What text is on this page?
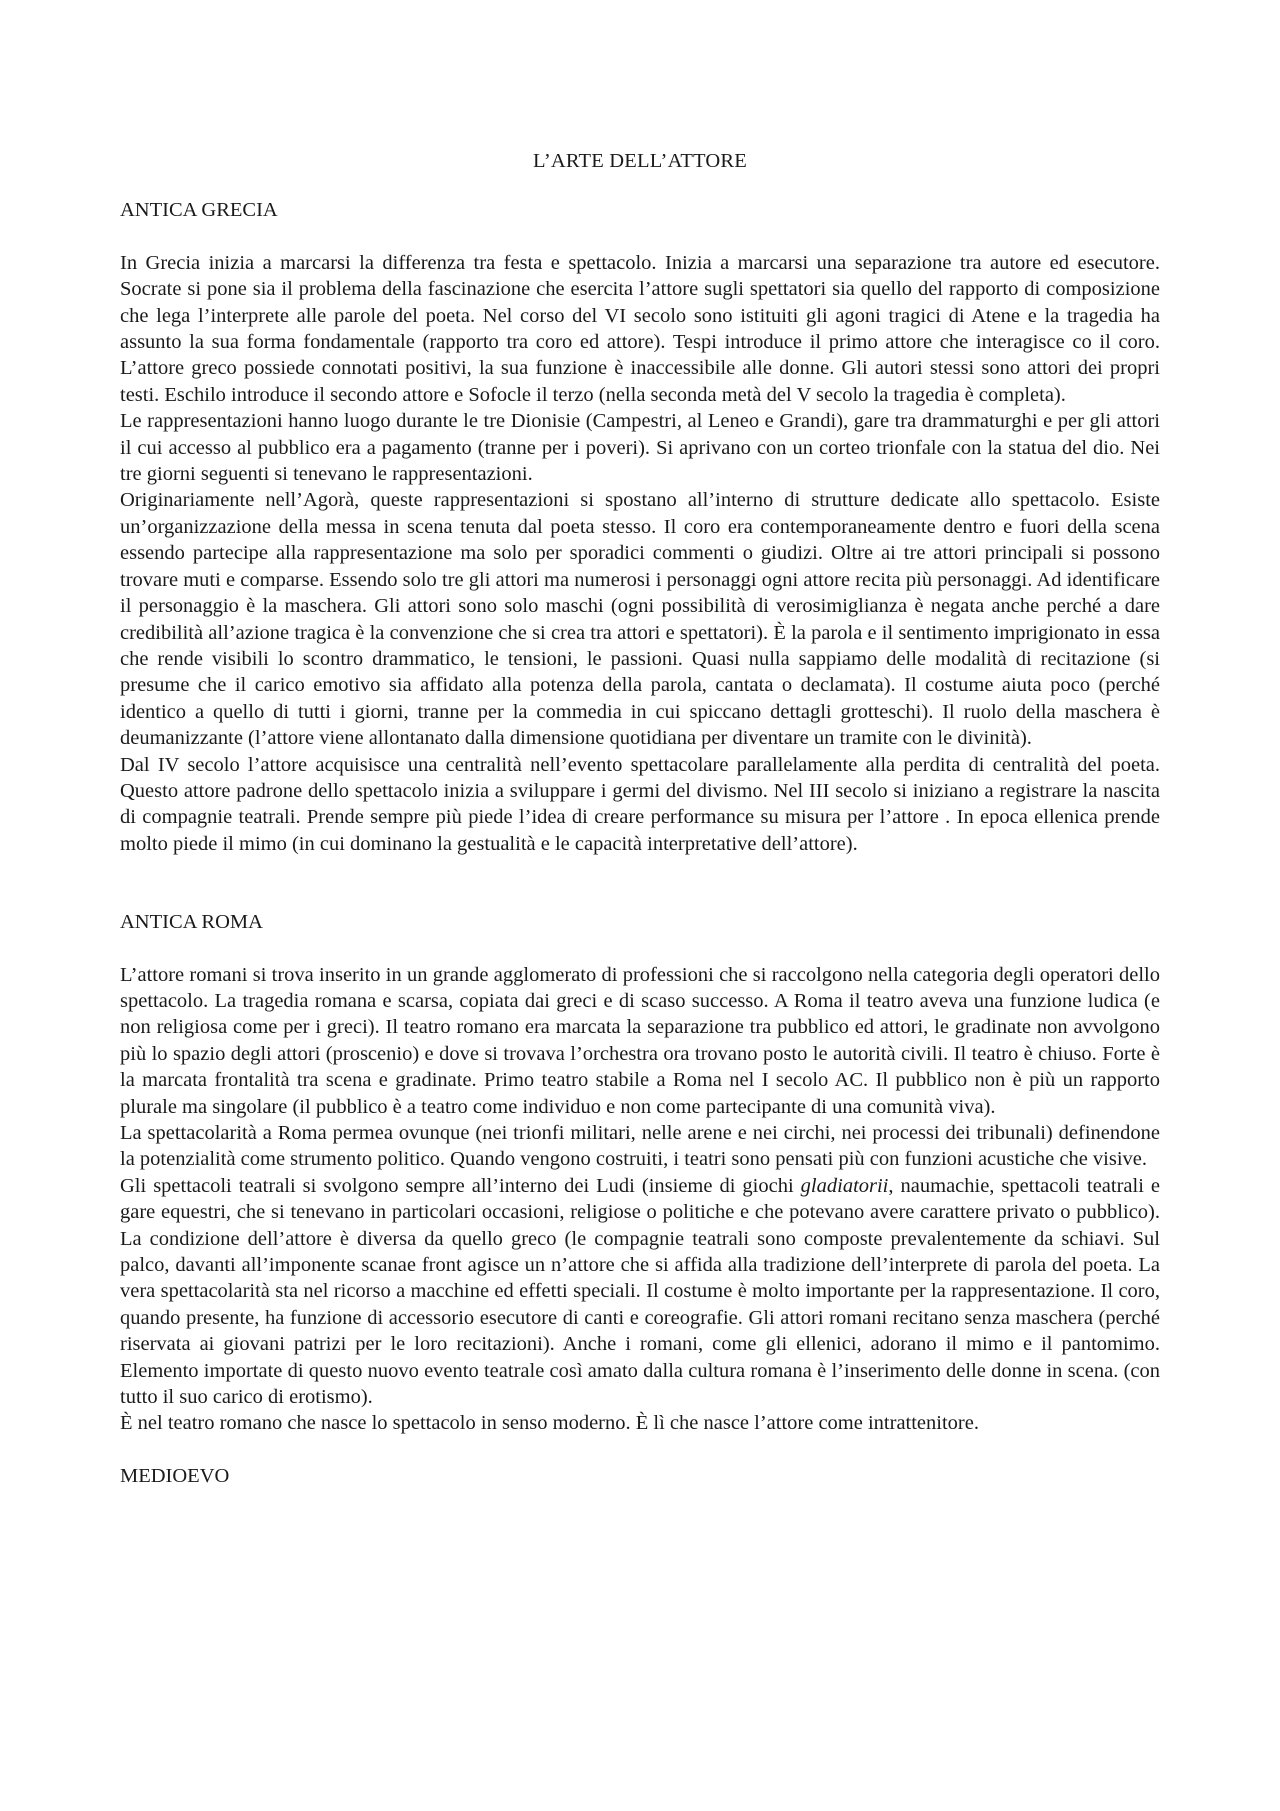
L’ARTE DELL’ATTORE
ANTICA GRECIA

In Grecia inizia a marcarsi la differenza tra festa e spettacolo. Inizia a marcarsi una separazione tra autore ed esecutore. Socrate si pone sia il problema della fascinazione che esercita l’attore sugli spettatori sia quello del rapporto di composizione che lega l’interprete alle parole del poeta. Nel corso del VI secolo sono istituiti gli agoni tragici di Atene e la tragedia ha assunto la sua forma fondamentale (rapporto tra coro ed attore). Tespi introduce il primo attore che interagisce co il coro. L’attore greco possiede connotati positivi, la sua funzione è inaccessibile alle donne. Gli autori stessi sono attori dei propri testi. Eschilo introduce il secondo attore e Sofocle il terzo (nella seconda metà del V secolo la tragedia è completa).

Le rappresentazioni hanno luogo durante le tre Dionisie (Campestri, al Leneo e Grandi), gare tra drammaturghi e per gli attori il cui accesso al pubblico era a pagamento (tranne per i poveri). Si aprivano con un corteo trionfale con la statua del dio. Nei tre giorni seguenti si tenevano le rappresentazioni.

Originariamente nell’Agorà, queste rappresentazioni si spostano all’interno di strutture dedicate allo spettacolo. Esiste un’organizzazione della messa in scena tenuta dal poeta stesso. Il coro era contemporaneamente dentro e fuori della scena essendo partecipe alla rappresentazione ma solo per sporadici commenti o giudizi. Oltre ai tre attori principali si possono trovare muti e comparse. Essendo solo tre gli attori ma numerosi i personaggi ogni attore recita più personaggi. Ad identificare il personaggio è la maschera. Gli attori sono solo maschi (ogni possibilità di verosimiglianza è negata anche perché a dare credibilità all’azione tragica è la convenzione che si crea tra attori e spettatori). È la parola e il sentimento imprigionato in essa che rende visibili lo scontro drammatico, le tensioni, le passioni. Quasi nulla sappiamo delle modalità di recitazione (si presume che il carico emotivo sia affidato alla potenza della parola, cantata o declamata). Il costume aiuta poco (perché identico a quello di tutti i giorni, tranne per la commedia in cui spiccano dettagli grotteschi). Il ruolo della maschera è deumanizzante (l’attore viene allontanato dalla dimensione quotidiana per diventare un tramite con le divinità).

Dal IV secolo l’attore acquisisce una centralità nell’evento spettacolare parallelamente alla perdita di centralità del poeta. Questo attore padrone dello spettacolo inizia a sviluppare i germi del divismo. Nel III secolo si iniziano a registrare la nascita di compagnie teatrali. Prende sempre più piede l’idea di creare performance su misura per l’attore . In epoca ellenica prende molto piede il mimo (in cui dominano la gestualità e le capacità interpretative dell’attore).

ANTICA ROMA

L’attore romani si trova inserito in un grande agglomerato di professioni che si raccolgono nella categoria degli operatori dello spettacolo. La tragedia romana e scarsa, copiata dai greci e di scaso successo. A Roma il teatro aveva una funzione ludica (e non religiosa come per i greci). Il teatro romano era marcata la separazione tra pubblico ed attori, le gradinate non avvolgono più lo spazio degli attori (proscenio) e dove si trovava l’orchestra ora trovano posto le autorità civili. Il teatro è chiuso. Forte è la marcata frontalità tra scena e gradinate. Primo teatro stabile a Roma nel I secolo AC. Il pubblico non è più un rapporto plurale ma singolare (il pubblico è a teatro come individuo e non come partecipante di una comunità viva).

La spettacolarità a Roma permea ovunque (nei trionfi militari, nelle arene e nei circhi, nei processi dei tribunali) definendone la potenzialità come strumento politico. Quando vengono costruiti, i teatri sono pensati più con funzioni acustiche che visive.

Gli spettacoli teatrali si svolgono sempre all’interno dei Ludi (insieme di giochi gladiatorii, naumachie, spettacoli teatrali e gare equestri, che si tenevano in particolari occasioni, religiose o politiche e che potevano avere carattere privato o pubblico). La condizione dell’attore è diversa da quello greco (le compagnie teatrali sono composte prevalentemente da schiavi. Sul palco, davanti all’imponente scanae front agisce un n’attore che si affida alla tradizione dell’interprete di parola del poeta. La vera spettacolarità sta nel ricorso a macchine ed effetti speciali. Il costume è molto importante per la rappresentazione. Il coro, quando presente, ha funzione di accessorio esecutore di canti e coreografie. Gli attori romani recitano senza maschera (perché riservata ai giovani patrizi per le loro recitazioni). Anche i romani, come gli ellenici, adorano il mimo e il pantomimo. Elemento importate di questo nuovo evento teatrale così amato dalla cultura romana è l’inserimento delle donne in scena. (con tutto il suo carico di erotismo).

È nel teatro romano che nasce lo spettacolo in senso moderno. È lì che nasce l’attore come intrattenitore.

MEDIOEVO
